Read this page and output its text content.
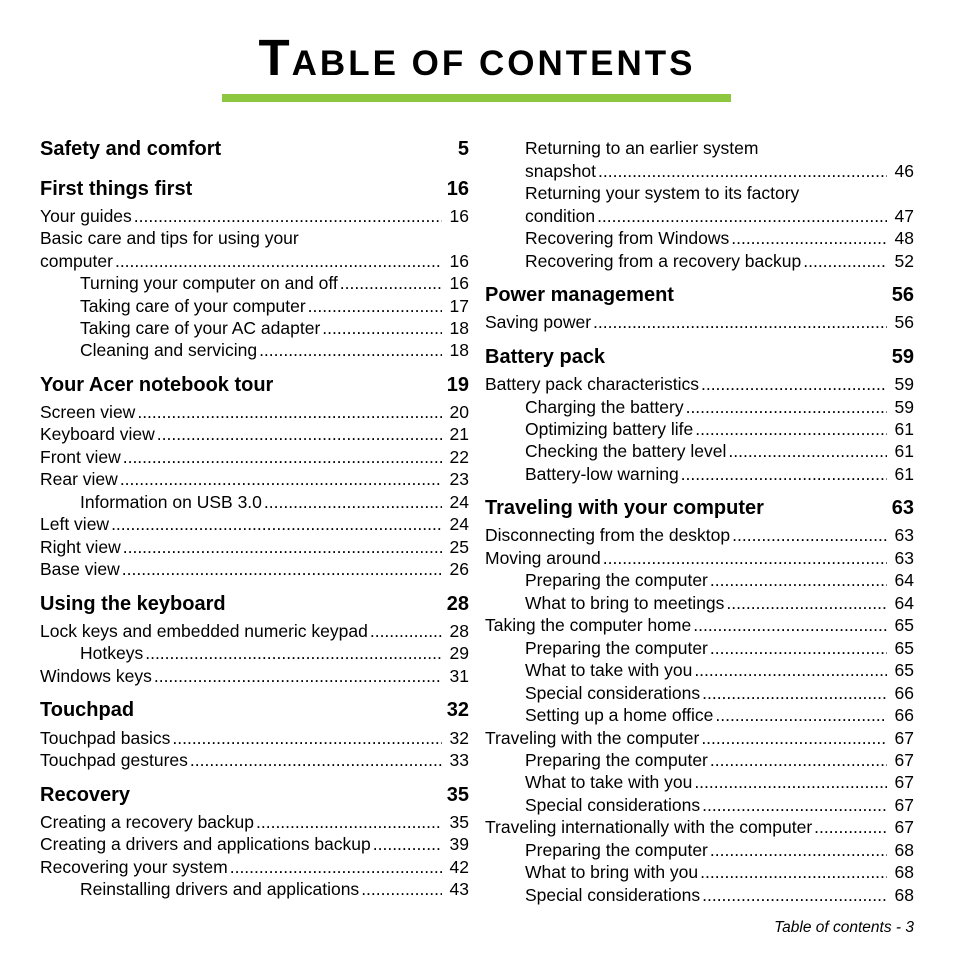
TABLE OF CONTENTS
Safety and comfort	5
First things first	16
Your guides .....	16
Basic care and tips for using your
computer .....	16
Turning your computer on and off .....	16
Taking care of your computer .....	17
Taking care of your AC adapter .....	18
Cleaning and servicing .....	18
Your Acer notebook tour	19
Screen view .....	20
Keyboard view .....	21
Front view .....	22
Rear view .....	23
Information on USB 3.0 .....	24
Left view .....	24
Right view .....	25
Base view .....	26
Using the keyboard	28
Lock keys and embedded numeric keypad .....	28
Hotkeys .....	29
Windows keys .....	31
Touchpad	32
Touchpad basics .....	32
Touchpad gestures .....	33
Recovery	35
Creating a recovery backup .....	35
Creating a drivers and applications backup .....	39
Recovering your system .....	42
Reinstalling drivers and applications .....	43
Returning to an earlier system
snapshot .....	46
Returning your system to its factory
condition .....	47
Recovering from Windows .....	48
Recovering from a recovery backup .....	52
Power management	56
Saving power .....	56
Battery pack	59
Battery pack characteristics .....	59
Charging the battery .....	59
Optimizing battery life .....	61
Checking the battery level .....	61
Battery-low warning .....	61
Traveling with your computer	63
Disconnecting from the desktop .....	63
Moving around .....	63
Preparing the computer .....	64
What to bring to meetings .....	64
Taking the computer home .....	65
Preparing the computer .....	65
What to take with you .....	65
Special considerations .....	66
Setting up a home office .....	66
Traveling with the computer .....	67
Preparing the computer .....	67
What to take with you .....	67
Special considerations .....	67
Traveling internationally with the computer .....	67
Preparing the computer .....	68
What to bring with you .....	68
Special considerations .....	68
Table of contents - 3
